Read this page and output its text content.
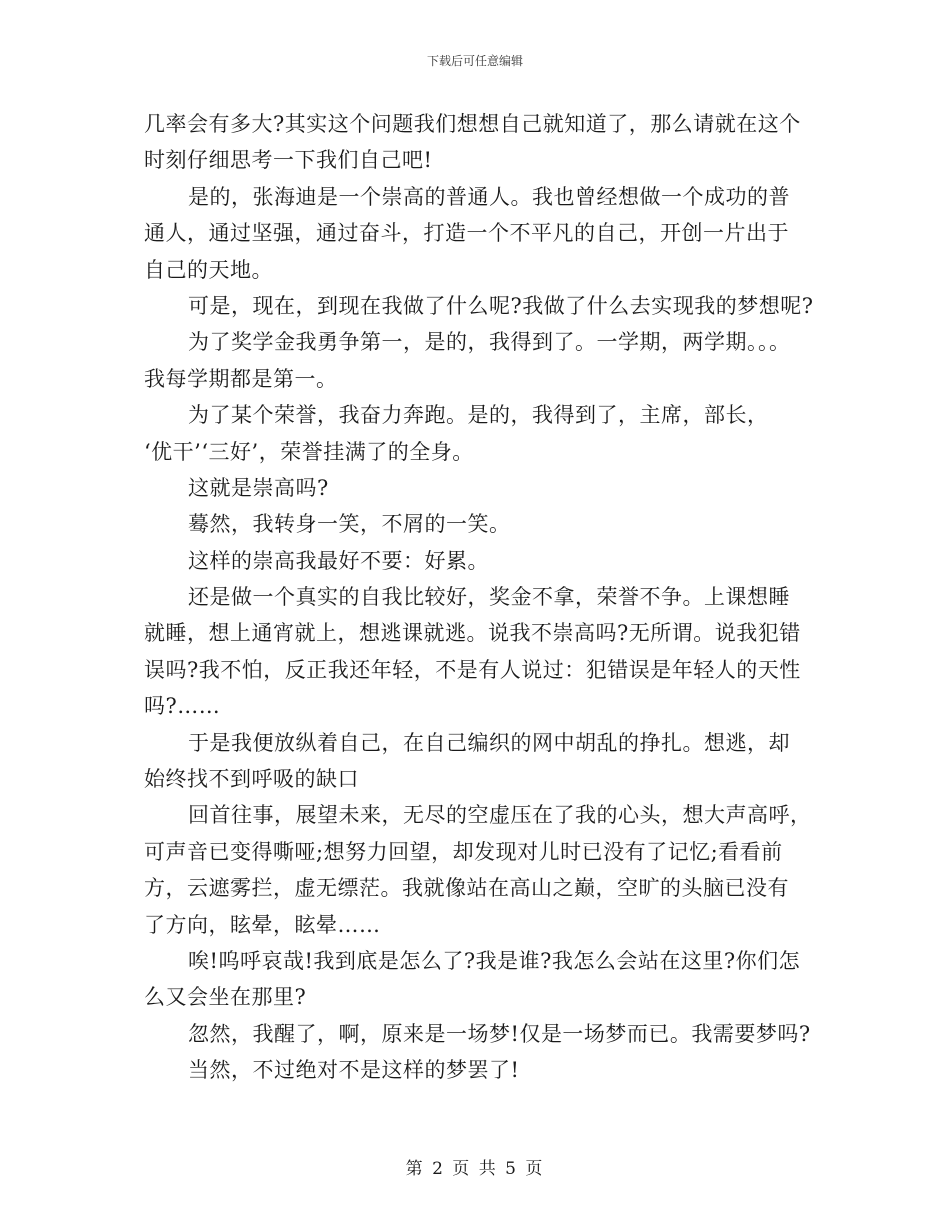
下载后可任意编辑
几率会有多大?其实这个问题我们想想自己就知道了，那么请就在这个
时刻仔细思考一下我们自己吧!
是的，张海迪是一个崇高的普通人。我也曾经想做一个成功的普
通人，通过坚强，通过奋斗，打造一个不平凡的自己，开创一片出于
自己的天地。
可是，现在，到现在我做了什么呢?我做了什么去实现我的梦想呢?
为了奖学金我勇争第一，是的，我得到了。一学期，两学期。。。
我每学期都是第一。
为了某个荣誉，我奋力奔跑。是的，我得到了，主席，部长，
‘优干’‘三好’，荣誉挂满了的全身。
这就是崇高吗?
蓦然，我转身一笑，不屑的一笑。
这样的崇高我最好不要：好累。
还是做一个真实的自我比较好，奖金不拿，荣誉不争。上课想睡
就睡，想上通宵就上，想逃课就逃。说我不崇高吗?无所谓。说我犯错
误吗?我不怕，反正我还年轻，不是有人说过：犯错误是年轻人的天性
吗?……
于是我便放纵着自己，在自己编织的网中胡乱的挣扎。想逃，却
始终找不到呼吸的缺口
回首往事，展望未来，无尽的空虚压在了我的心头，想大声高呼，
可声音已变得嘶哑;想努力回望，却发现对儿时已没有了记忆;看看前
方，云遮雾拦，虚无缥茫。我就像站在高山之巅，空旷的头脑已没有
了方向，眩晕，眩晕……
唉!呜呼哀哉!我到底是怎么了?我是谁?我怎么会站在这里?你们怎
么又会坐在那里?
忽然，我醒了，啊，原来是一场梦!仅是一场梦而已。我需要梦吗?
当然，不过绝对不是这样的梦罢了!
第 2 页 共 5 页
